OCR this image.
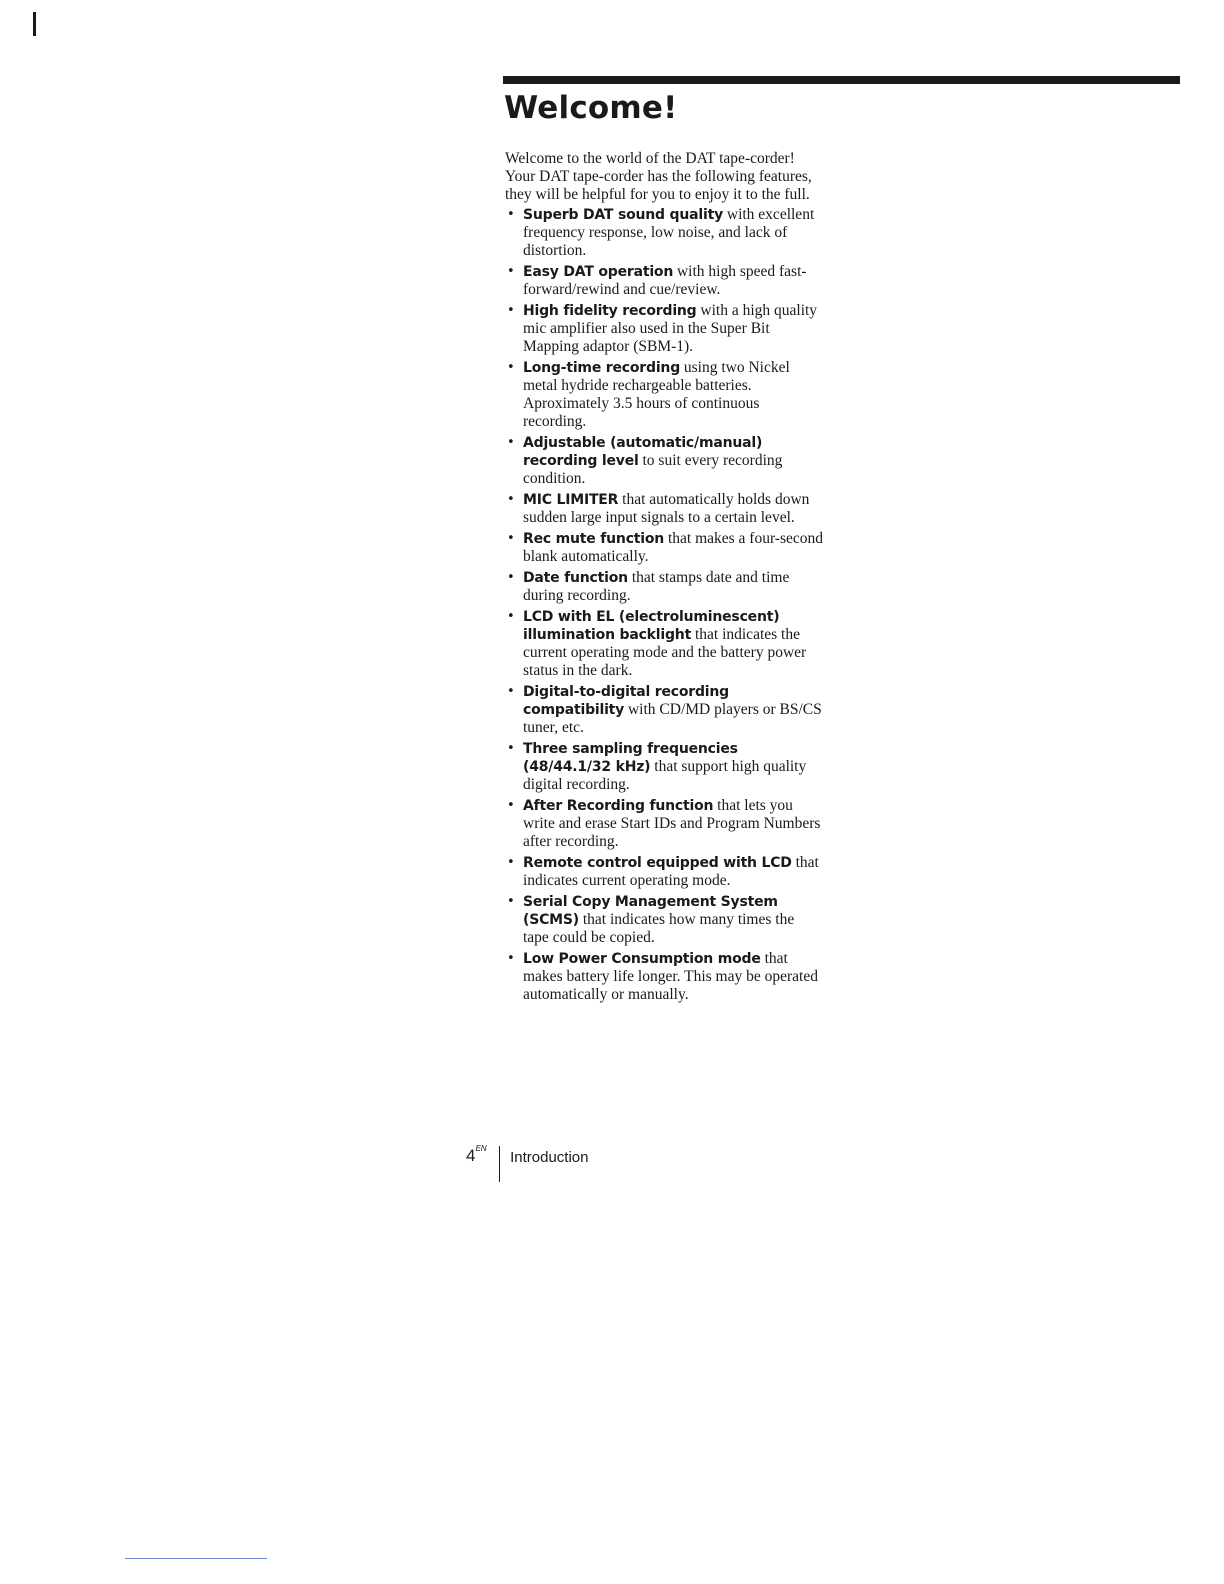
Welcome!

Welcome to the world of the DAT tape-corder!

Your DAT tape-corder has the following features, they will be helpful for you to enjoy it to the full.

• Superb DAT sound quality with excellent frequency response, low noise, and lack of distortion.
• Easy DAT operation with high speed fast-forward/rewind and cue/review.
• High fidelity recording with a high quality mic amplifier also used in the Super Bit Mapping adaptor (SBM-1).
• Long-time recording using two Nickel metal hydride rechargeable batteries. Aproximately 3.5 hours of continuous recording.
• Adjustable (automatic/manual) recording level to suit every recording condition.
• MIC LIMITER that automatically holds down sudden large input signals to a certain level.
• Rec mute function that makes a four-second blank automatically.
• Date function that stamps date and time during recording.
• LCD with EL (electroluminescent) illumination backlight that indicates the current operating mode and the battery power status in the dark.
• Digital-to-digital recording compatibility with CD/MD players or BS/CS tuner, etc.
• Three sampling frequencies (48/44.1/32 kHz) that support high quality digital recording.
• After Recording function that lets you write and erase Start IDs and Program Numbers after recording.
• Remote control equipped with LCD that indicates current operating mode.
• Serial Copy Management System (SCMS) that indicates how many times the tape could be copied.
• Low Power Consumption mode that makes battery life longer. This may be operated automatically or manually.
$4^{EN}$
Introduction
